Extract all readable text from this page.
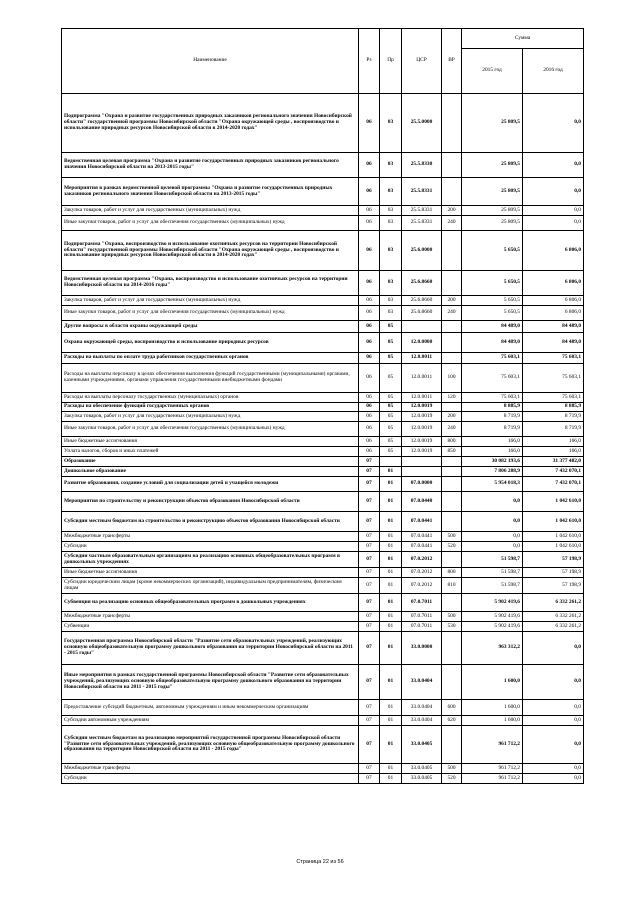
Наименование	Рз	Пр	ЦСР	ВР	Сумма	
					2015 год	2016 год
Подпрограмма "Охрана и развитие государственных природных заказников регионального значения Новосибирской области" государственной программы Новосибирской области "Охрана окружающей среды , воспроизводство и использование природных ресурсов Новосибирской области в 2014-2020 годах"	06	03	25.5.0000		25 809,5	0,0
Ведомственная целевая программа "Охрана и развитие государственных природных заказников регионального значения Новосибирской области на 2013-2015 годы"	06	03	25.5.8330		25 809,5	0,0
Мероприятия в рамках ведомственной целевой программы "Охрана и развитие государственных природных заказников регионального значения Новосибирской области на 2013-2015 годы"	06	03	25.5.8331		25 809,5	0,0
Закупка товаров, работ и услуг для государственных (муниципальных) нужд	06	03	25.5.8331	200	25 809,5	0,0
Иные закупки товаров, работ и услуг для обеспечения государственных (муниципальных) нужд	06	03	25.5.8331	240	25 809,5	0,0
Подпрограмма "Охрана, воспроизводство и использование охотничьих ресурсов на территории Новосибирской области" государственной программы Новосибирской области "Охрана окружающей среды , воспроизводство и использование природных ресурсов Новосибирской области в 2014-2020 годах"	06	03	25.6.0000		5 650,5	6 806,0
Ведомственная целевая программа "Охрана, воспроизводство и использование охотничьих ресурсов на территории Новосибирской области на 2014-2016 годы"	06	03	25.6.8660		5 650,5	6 806,0
Закупка товаров, работ и услуг для государственных (муниципальных) нужд	06	03	25.6.8660	200	5 650,5	6 806,0
Иные закупки товаров, работ и услуг для обеспечения государственных (муниципальных) нужд	06	03	25.6.8660	240	5 650,5	6 806,0
Другие вопросы в области охраны окружающей среды	06	05			84 489,0	84 489,0
Охрана окружающей среды, воспроизводство и использование природных ресурсов	06	05	12.0.0000		84 489,0	84 489,0
Расходы на выплаты по оплате труда работников государственных органов	06	05	12.0.0011		75 603,1	75 603,1
Расходы на выплаты персоналу в целях обеспечения выполнения функций государственными (муниципальными) органами, казенными учреждениями, органами управления государственными внебюджетными фондами	06	05	12.0.0011	100	75 603,1	75 603,1
Расходы на выплаты персоналу государственных (муниципальных) органов	06	05	12.0.0011	120	75 603,1	75 603,1
Расходы на обеспечение функций государственных органов	06	05	12.0.0019		8 885,9	8 885,9
Закупка товаров, работ и услуг для государственных (муниципальных) нужд	06	05	12.0.0019	200	8 719,9	8 719,9
Иные закупки товаров, работ и услуг для обеспечения государственных (муниципальных) нужд	06	05	12.0.0019	240	8 719,9	8 719,9
Иные бюджетные ассигнования	06	05	12.0.0019	800	166,0	166,0
Уплата налогов, сборов и иных платежей	06	05	12.0.0019	850	166,0	166,0
Образование	07				30 082 193,6	31 377 482,0
Дошкольное образование	07	01			7 806 288,9	7 432 070,1
Развитие образования, создание условий для социализации детей и учащейся молодежи	07	01	07.0.0000		5 954 018,3	7 432 070,1
Мероприятия по строительству и реконструкции объектов образования Новосибирской области	07	01	07.0.0440		0,0	1 042 610,0
Субсидии местным бюджетам на строительство и реконструкцию объектов образования Новосибирской области	07	01	07.0.0441		0,0	1 042 610,0
Межбюджетные трансферты	07	01	07.0.0441	500	0,0	1 042 610,0
Субсидии	07	01	07.0.0441	520	0,0	1 042 610,0
Субсидии частным образовательным организациям на реализацию основных общеобразовательных программ в дошкольных учреждениях	07	01	07.0.2012		51 598,7	57 198,9
Иные бюджетные ассигнования	07	01	07.0.2012	800	51 598,7	57 198,9
Субсидии юридическим лицам (кроме некоммерческих организаций), индивидуальным предпринимателям, физическим лицам	07	01	07.0.2012	810	51 598,7	57 198,9
Субвенция на реализацию основных общеобразовательных программ в дошкольных учреждениях	07	01	07.0.7011		5 902 419,6	6 332 261,2
Межбюджетные трансферты	07	01	07.0.7011	500	5 902 419,6	6 332 261,2
Субвенции	07	01	07.0.7011	530	5 902 419,6	6 332 261,2
Государственная программа Новосибирской области "Развитие сети образовательных учреждений, реализующих основную общеобразовательную программу дошкольного образования на территории Новосибирской области на 2011 - 2015 годы"	07	01	33.0.0000		963 312,2	0,0
Иные мероприятия в рамках государственной программы Новосибирской области "Развитие сети образовательных учреждений, реализующих основную общеобразовательную программу дошкольного образования на территории Новосибирской области на 2011 - 2015 годы"	07	01	33.0.0404		1 600,0	0,0
Предоставление субсидий бюджетным, автономным учреждениям и иным некоммерческим организациям	07	01	33.0.0404	600	1 600,0	0,0
Субсидии автономным учреждениям	07	01	33.0.0404	620	1 600,0	0,0
Субсидии местным бюджетам на реализацию мероприятий государственной программы Новосибирской области "Развитие сети образовательных учреждений, реализующих основную общеобразовательную программу дошкольного образования на территории Новосибирской области на 2011 - 2015 годы"	07	01	33.0.0405		961 712,2	0,0
Межбюджетные трансферты	07	01	33.0.0405	500	961 712,2	0,0
Субсидии	07	01	33.0.0405	520	961 712,2	0,0
Страница 22 из 56
